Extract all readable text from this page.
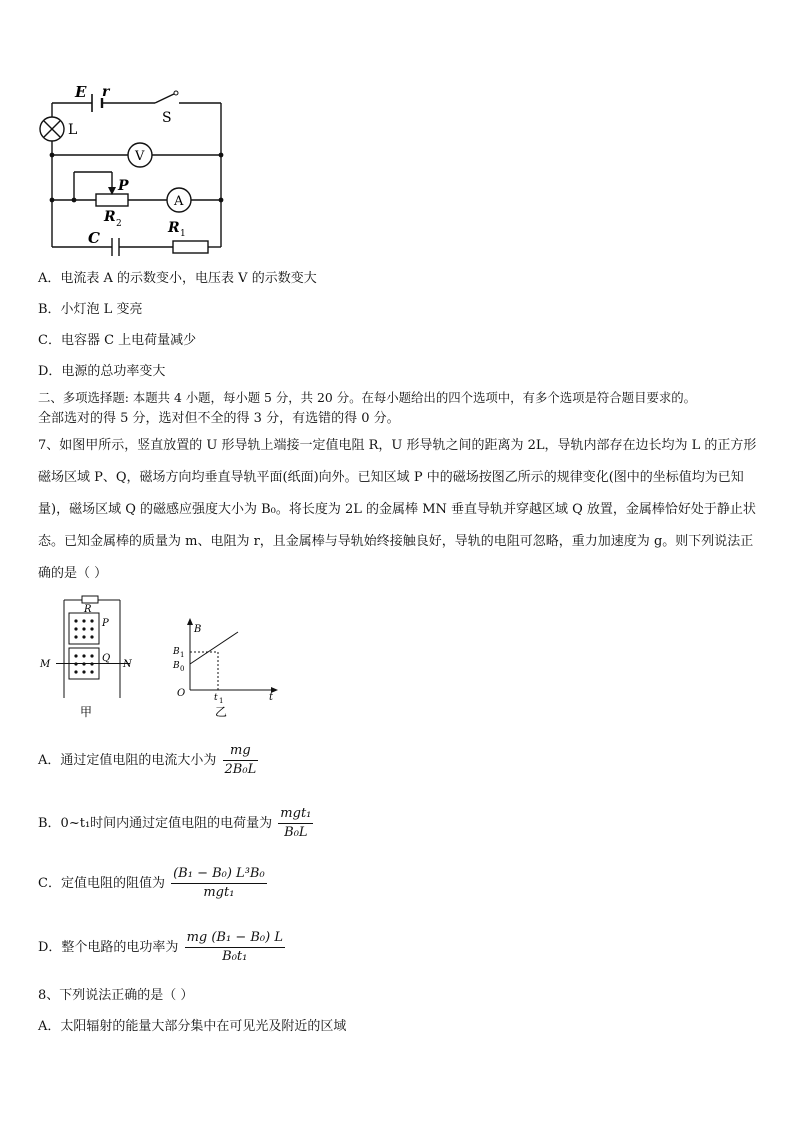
E r
S
L
V
A
P
R 2
C
R 1
A．电流表 A 的示数变小，电压表 V 的示数变大
B．小灯泡 L 变亮
C．电容器 C 上电荷量减少
D．电源的总功率变大
二、多项选择题: 本题共 4 小题，每小题 5 分，共 20 分。在每小题给出的四个选项中，有多个选项是符合题目要求的。
全部选对的得 5 分，选对但不全的得 3 分，有选错的得 0 分。
7、如图甲所示，竖直放置的 U 形导轨上端接一定值电阻 R，U 形导轨之间的距离为 2L，导轨内部存在边长均为 L 的正方形磁场区域 P、Q，磁场方向均垂直导轨平面(纸面)向外。已知区域 P 中的磁场按图乙所示的规律变化(图中的坐标值均为已知量)，磁场区域 Q 的磁感应强度大小为 B₀。将长度为 2L 的金属棒 MN 垂直导轨并穿越区域 Q 放置，金属棒恰好处于静止状态。已知金属棒的质量为 m、电阻为 r，且金属棒与导轨始终接触良好，导轨的电阻可忽略，重力加速度为 g。则下列说法正确的是（ ）
R
P
Q
M	N
甲
B
B 1
B 0
O	t 1	t
乙
A．通过定值电阻的电流大小为 $\frac{mg}{\text{2B₀L}}$
B．0~t₁时间内通过定值电阻的电荷量为 $\frac{\text{mgt₁}}{\text{B₀L}}$
C．定值电阻的阻值为 $\frac{\text{(B₁ − B₀) L³B₀}}{\text{mgt₁}}$
D．整个电路的电功率为 $\frac{\text{mg (B₁ − B₀) L}}{\text{B₀t₁}}$
8、下列说法正确的是（ ）
A．太阳辐射的能量大部分集中在可见光及附近的区域
